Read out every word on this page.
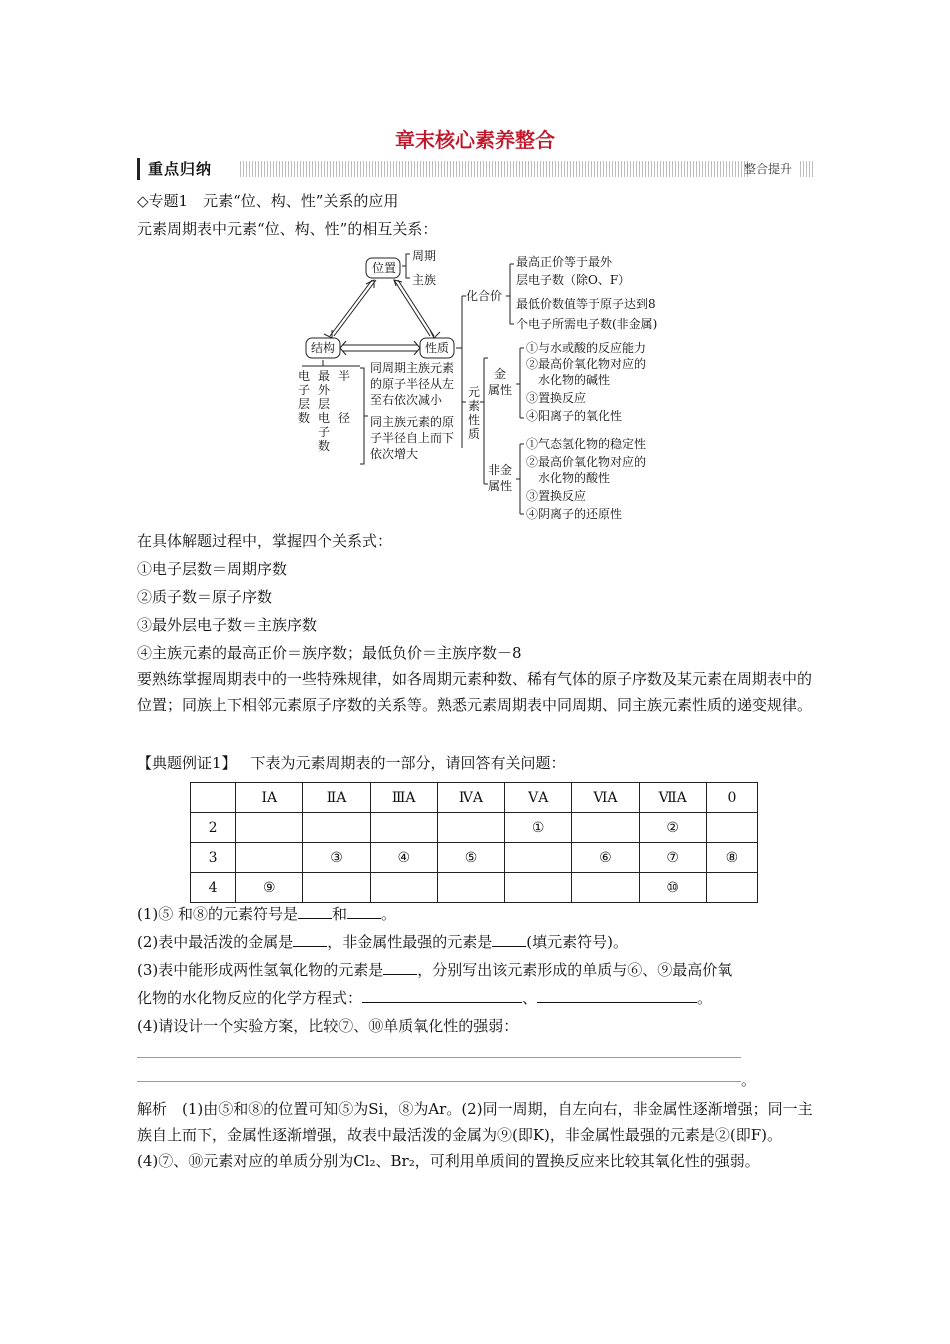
章末核心素养整合
重点归纳	整合提升
◇专题1　元素“位、构、性”关系的应用
元素周期表中元素“位、构、性”的相互关系：
位置
周期
主族
结构	性质
化合价
最高正价等于最外
层电子数（除O、F）
最低价数值等于原子达到8
个电子所需电子数(非金属)
元
素
性
质
金
属性
①与水或酸的反应能力
②最高价氧化物对应的
水化物的碱性
③置换反应
④阳离子的氧化性
非金
属性
①气态氢化物的稳定性
②最高价氧化物对应的
水化物的酸性
③置换反应
④阴离子的还原性
电
子
层
数
最
外
层
电
子
数
半
径
同周期主族元素
的原子半径从左
至右依次减小
同主族元素的原
子半径自上而下
依次增大
在具体解题过程中，掌握四个关系式：
①电子层数＝周期序数
②质子数＝原子序数
③最外层电子数＝主族序数
④主族元素的最高正价＝族序数；最低负价＝主族序数－8
要熟练掌握周期表中的一些特殊规律，如各周期元素种数、稀有气体的原子序数及某元素在周期表中的位置；同族上下相邻元素原子序数的关系等。熟悉元素周期表中同周期、同主族元素性质的递变规律。
【典题例证1】 下表为元素周期表的一部分，请回答有关问题：
	ⅠA	ⅡA	ⅢA	ⅣA	ⅤA	ⅥA	ⅦA	0
2					①		②	
3		③	④	⑤		⑥	⑦	⑧
4	⑨						⑩	
(1)⑤ 和⑧的元素符号是 和 。
(2)表中最活泼的金属是 ，非金属性最强的元素是 (填元素符号)。
(3)表中能形成两性氢氧化物的元素是 ，分别写出该元素形成的单质与⑥、⑨最高价氧
化物的水化物反应的化学方程式：	、	。
(4)请设计一个实验方案，比较⑦、⑩单质氧化性的强弱：
。
解析　(1)由⑤和⑧的位置可知⑤为Si，⑧为Ar。(2)同一周期，自左向右，非金属性逐渐增强；同一主族自上而下，金属性逐渐增强，故表中最活泼的金属为⑨(即K)，非金属性最强的元素是②(即F)。(4)⑦、⑩元素对应的单质分别为Cl₂、Br₂，可利用单质间的置换反应来比较其氧化性的强弱。
